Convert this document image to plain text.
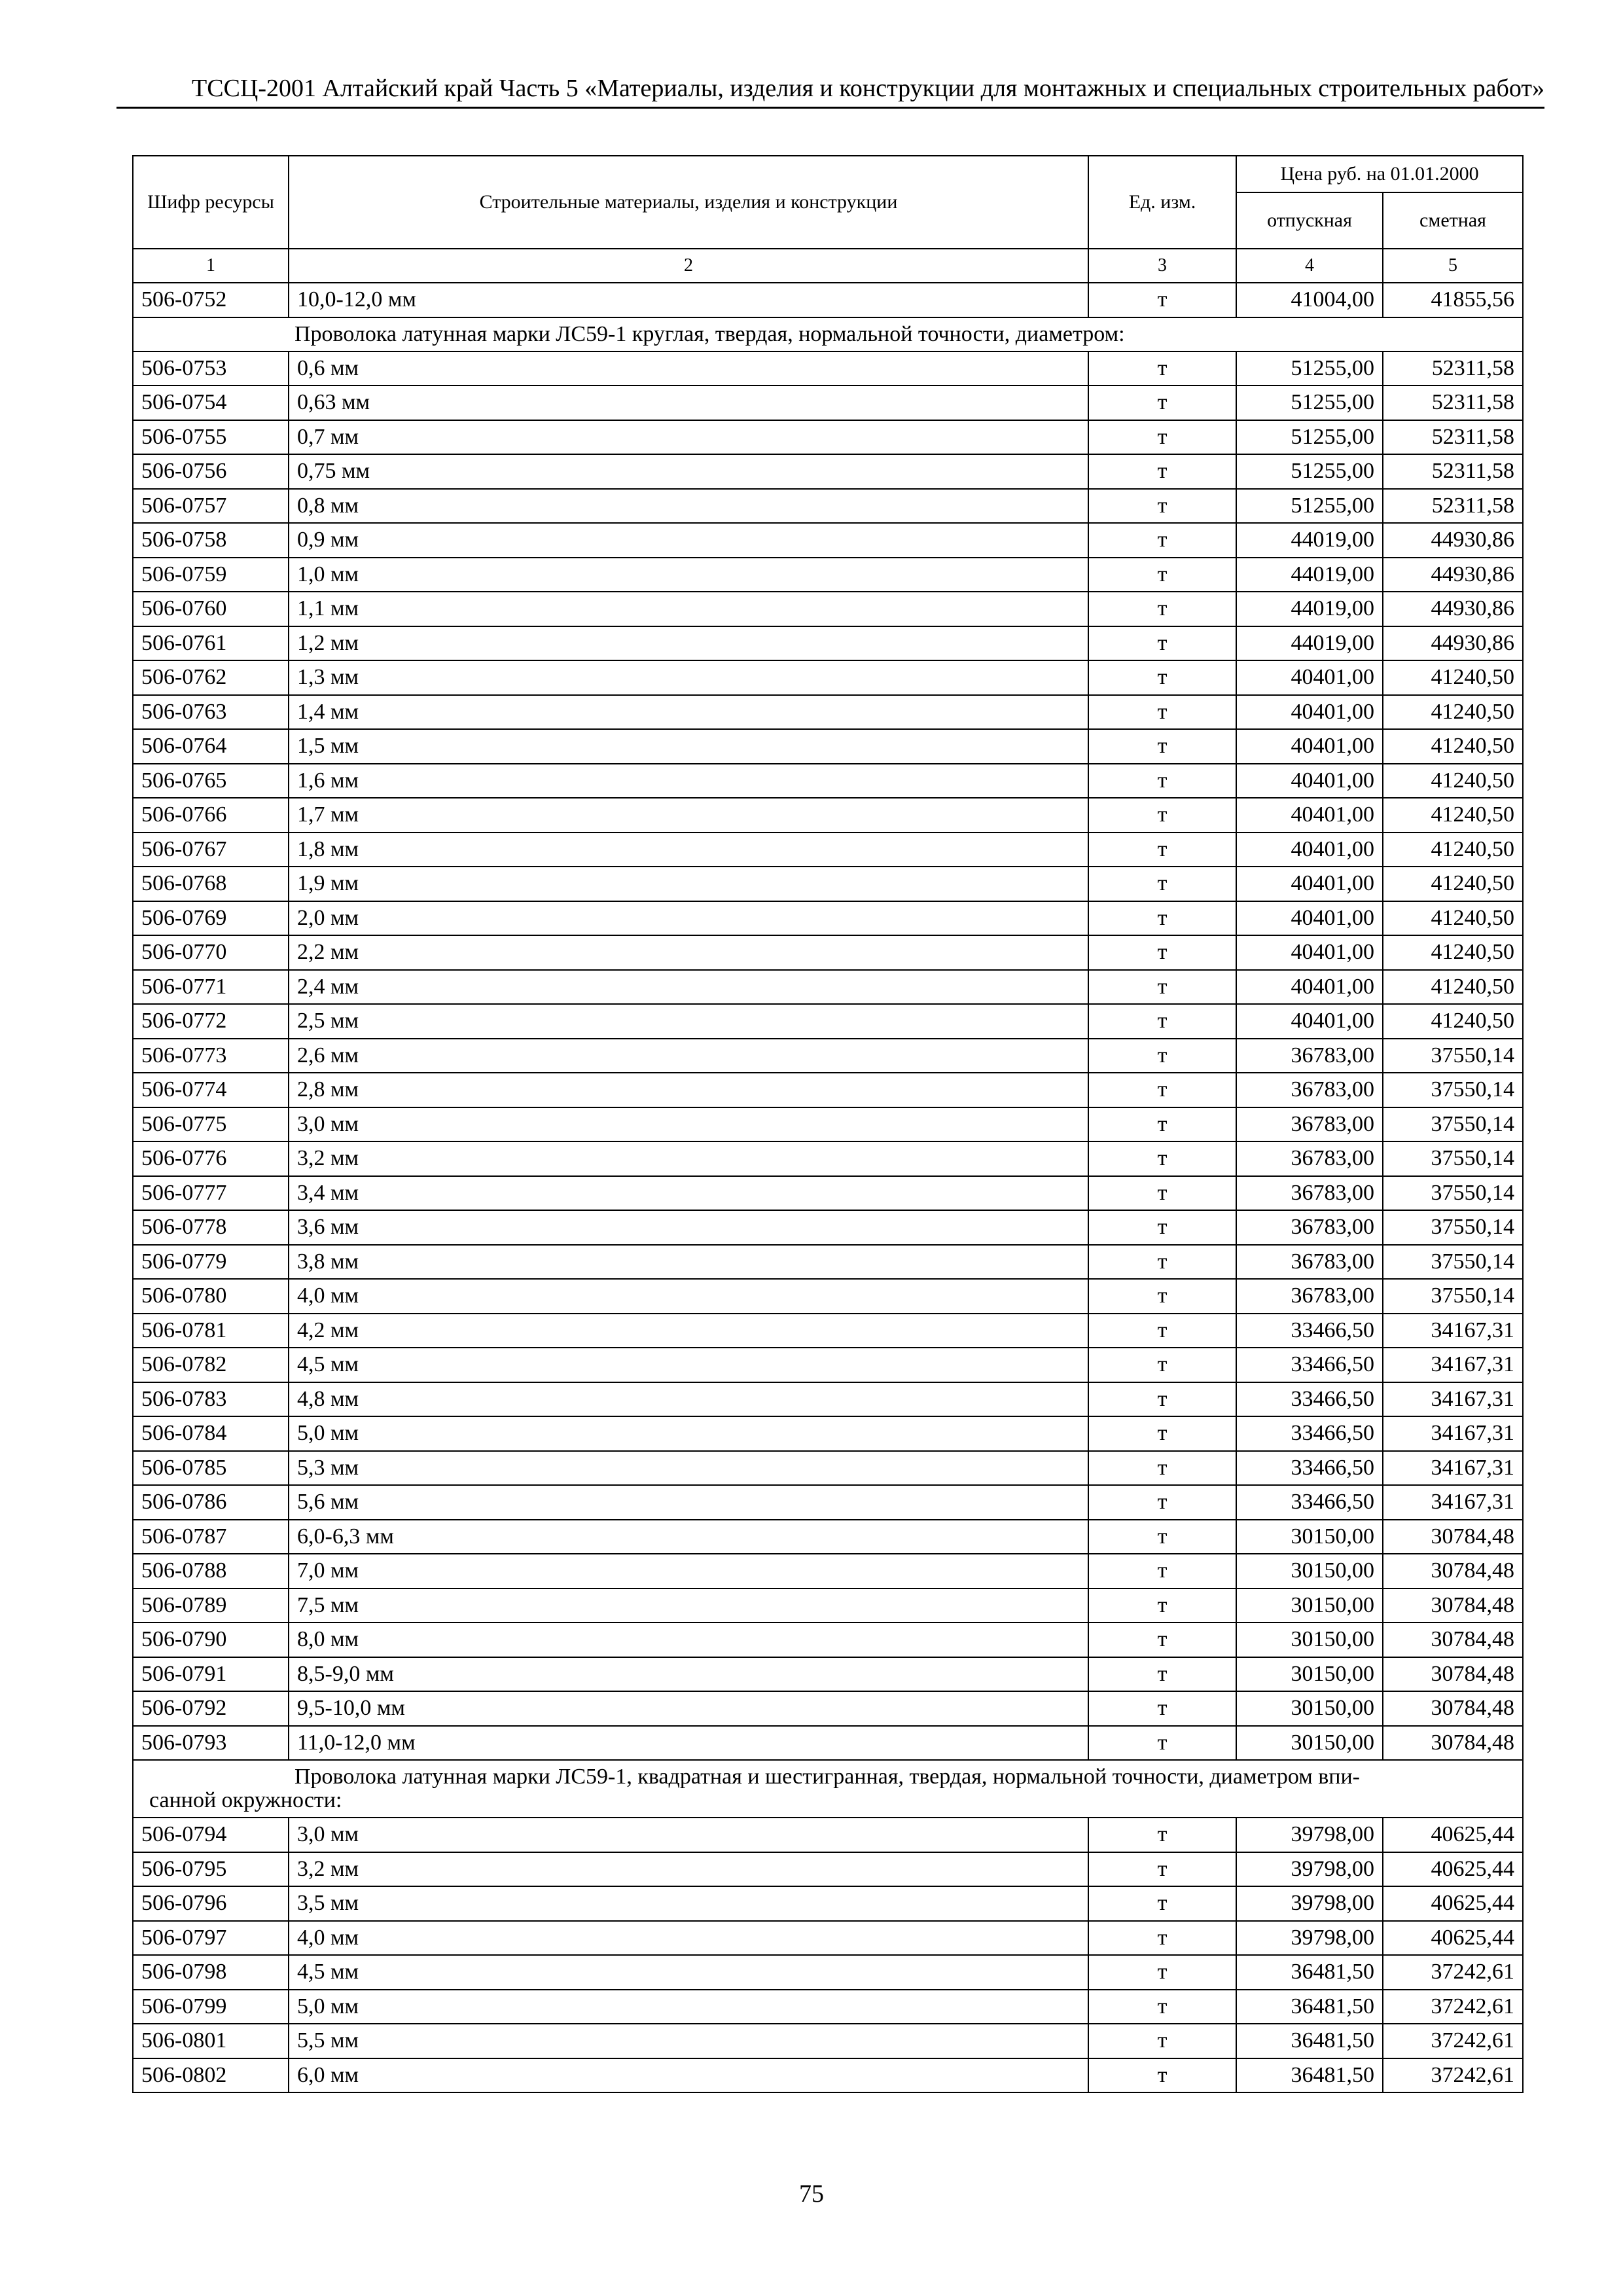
ТССЦ-2001 Алтайский край Часть 5 «Материалы, изделия и конструкции для монтажных и специальных строительных работ»
Шифр ресурсы	Строительные материалы, изделия и конструкции	Ед. изм.	Цена руб. на 01.01.2000	
			отпускная	сметная
1	2	3	4	5
506-0752	10,0-12,0 мм	т	41004,00	41855,56
Проволока латунная марки ЛС59-1 круглая, твердая, нормальной точности, диаметром:				
506-0753	0,6 мм	т	51255,00	52311,58
506-0754	0,63 мм	т	51255,00	52311,58
506-0755	0,7 мм	т	51255,00	52311,58
506-0756	0,75 мм	т	51255,00	52311,58
506-0757	0,8 мм	т	51255,00	52311,58
506-0758	0,9 мм	т	44019,00	44930,86
506-0759	1,0 мм	т	44019,00	44930,86
506-0760	1,1 мм	т	44019,00	44930,86
506-0761	1,2 мм	т	44019,00	44930,86
506-0762	1,3 мм	т	40401,00	41240,50
506-0763	1,4 мм	т	40401,00	41240,50
506-0764	1,5 мм	т	40401,00	41240,50
506-0765	1,6 мм	т	40401,00	41240,50
506-0766	1,7 мм	т	40401,00	41240,50
506-0767	1,8 мм	т	40401,00	41240,50
506-0768	1,9 мм	т	40401,00	41240,50
506-0769	2,0 мм	т	40401,00	41240,50
506-0770	2,2 мм	т	40401,00	41240,50
506-0771	2,4 мм	т	40401,00	41240,50
506-0772	2,5 мм	т	40401,00	41240,50
506-0773	2,6 мм	т	36783,00	37550,14
506-0774	2,8 мм	т	36783,00	37550,14
506-0775	3,0 мм	т	36783,00	37550,14
506-0776	3,2 мм	т	36783,00	37550,14
506-0777	3,4 мм	т	36783,00	37550,14
506-0778	3,6 мм	т	36783,00	37550,14
506-0779	3,8 мм	т	36783,00	37550,14
506-0780	4,0 мм	т	36783,00	37550,14
506-0781	4,2 мм	т	33466,50	34167,31
506-0782	4,5 мм	т	33466,50	34167,31
506-0783	4,8 мм	т	33466,50	34167,31
506-0784	5,0 мм	т	33466,50	34167,31
506-0785	5,3 мм	т	33466,50	34167,31
506-0786	5,6 мм	т	33466,50	34167,31
506-0787	6,0-6,3 мм	т	30150,00	30784,48
506-0788	7,0 мм	т	30150,00	30784,48
506-0789	7,5 мм	т	30150,00	30784,48
506-0790	8,0 мм	т	30150,00	30784,48
506-0791	8,5-9,0 мм	т	30150,00	30784,48
506-0792	9,5-10,0 мм	т	30150,00	30784,48
506-0793	11,0-12,0 мм	т	30150,00	30784,48

Проволока латунная марки ЛС59-1, квадратная и шестигранная, твердая, нормальной точности, диаметром впи-
санной окружности:				

506-0794	3,0 мм	т	39798,00	40625,44
506-0795	3,2 мм	т	39798,00	40625,44
506-0796	3,5 мм	т	39798,00	40625,44
506-0797	4,0 мм	т	39798,00	40625,44
506-0798	4,5 мм	т	36481,50	37242,61
506-0799	5,0 мм	т	36481,50	37242,61
506-0801	5,5 мм	т	36481,50	37242,61
506-0802	6,0 мм	т	36481,50	37242,61
75
